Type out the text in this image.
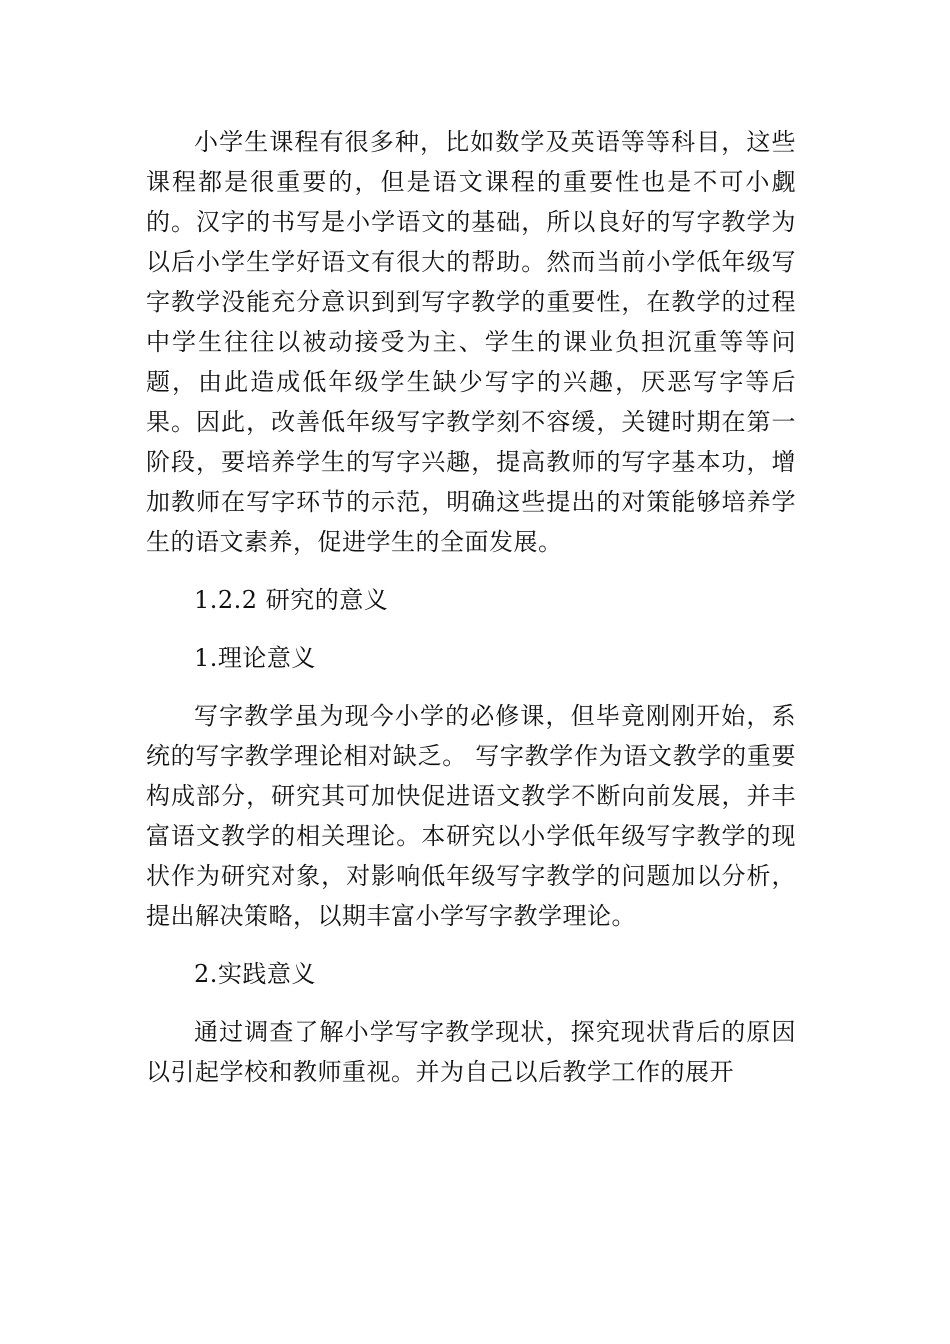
小学生课程有很多种，比如数学及英语等等科目，这些课程都是很重要的，但是语文课程的重要性也是不可小觑的。汉字的书写是小学语文的基础，所以良好的写字教学为以后小学生学好语文有很大的帮助。然而当前小学低年级写字教学没能充分意识到到写字教学的重要性，在教学的过程中学生往往以被动接受为主、学生的课业负担沉重等等问题，由此造成低年级学生缺少写字的兴趣，厌恶写字等后果。因此，改善低年级写字教学刻不容缓，关键时期在第一阶段，要培养学生的写字兴趣，提高教师的写字基本功，增加教师在写字环节的示范，明确这些提出的对策能够培养学生的语文素养，促进学生的全面发展。

1.2.2 研究的意义

1.理论意义

写字教学虽为现今小学的必修课，但毕竟刚刚开始，系统的写字教学理论相对缺乏。 写字教学作为语文教学的重要构成部分，研究其可加快促进语文教学不断向前发展，并丰富语文教学的相关理论。本研究以小学低年级写字教学的现状作为研究对象，对影响低年级写字教学的问题加以分析，提出解决策略，以期丰富小学写字教学理论。

2.实践意义

通过调查了解小学写字教学现状，探究现状背后的原因以引起学校和教师重视。并为自己以后教学工作的展开
